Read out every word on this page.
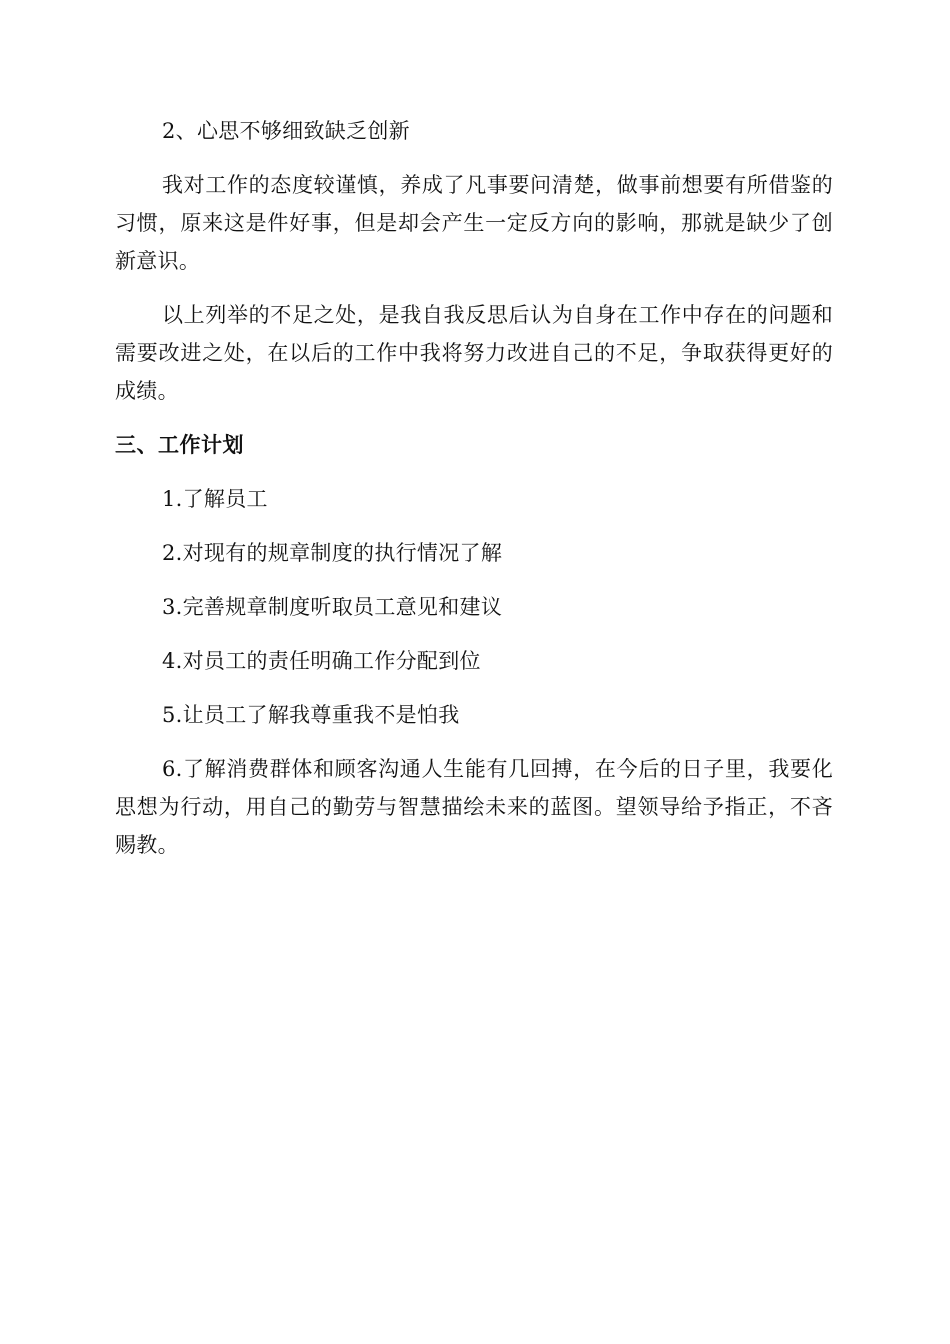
2、心思不够细致缺乏创新

我对工作的态度较谨慎，养成了凡事要问清楚，做事前想要有所借鉴的习惯，原来这是件好事，但是却会产生一定反方向的影响，那就是缺少了创新意识。

以上列举的不足之处，是我自我反思后认为自身在工作中存在的问题和需要改进之处，在以后的工作中我将努力改进自己的不足，争取获得更好的成绩。

三、工作计划

1.了解员工

2.对现有的规章制度的执行情况了解

3.完善规章制度听取员工意见和建议

4.对员工的责任明确工作分配到位

5.让员工了解我尊重我不是怕我

6.了解消费群体和顾客沟通人生能有几回搏，在今后的日子里，我要化思想为行动，用自己的勤劳与智慧描绘未来的蓝图。望领导给予指正，不吝赐教。
